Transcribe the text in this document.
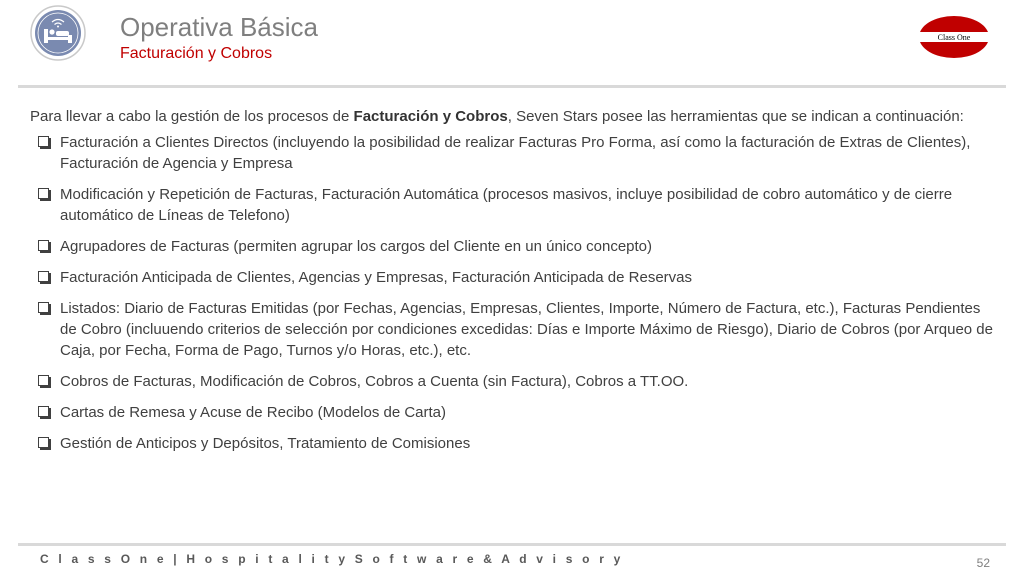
Operativa Básica
Facturación y Cobros
Class One

Para llevar a cabo la gestión de los procesos de Facturación y Cobros, Seven Stars posee las herramientas que se indican a continuación:

Facturación a Clientes Directos (incluyendo la posibilidad de realizar Facturas Pro Forma, así como la facturación de Extras de Clientes), Facturación de Agencia y Empresa
Modificación y Repetición de Facturas, Facturación Automática (procesos masivos, incluye posibilidad de cobro automático y de cierre automático de Líneas de Telefono)
Agrupadores de Facturas (permiten agrupar los cargos del Cliente en un único concepto)
Facturación Anticipada de Clientes, Agencias y Empresas, Facturación Anticipada de Reservas
Listados: Diario de Facturas Emitidas (por Fechas, Agencias, Empresas, Clientes, Importe, Número de Factura, etc.), Facturas Pendientes de Cobro (incluuendo criterios de selección por condiciones excedidas: Días e Importe Máximo de Riesgo), Diario de Cobros (por Arqueo de Caja, por Fecha, Forma de Pago, Turnos y/o Horas, etc.), etc.
Cobros de Facturas, Modificación de Cobros, Cobros a Cuenta (sin Factura), Cobros a TT.OO.
Cartas de Remesa y Acuse de Recibo (Modelos de Carta)
Gestión de Anticipos y Depósitos, Tratamiento de Comisiones
C l a s s O n e | H o s p i t a l i t y S o f t w a r e & A d v i s o r y	52
